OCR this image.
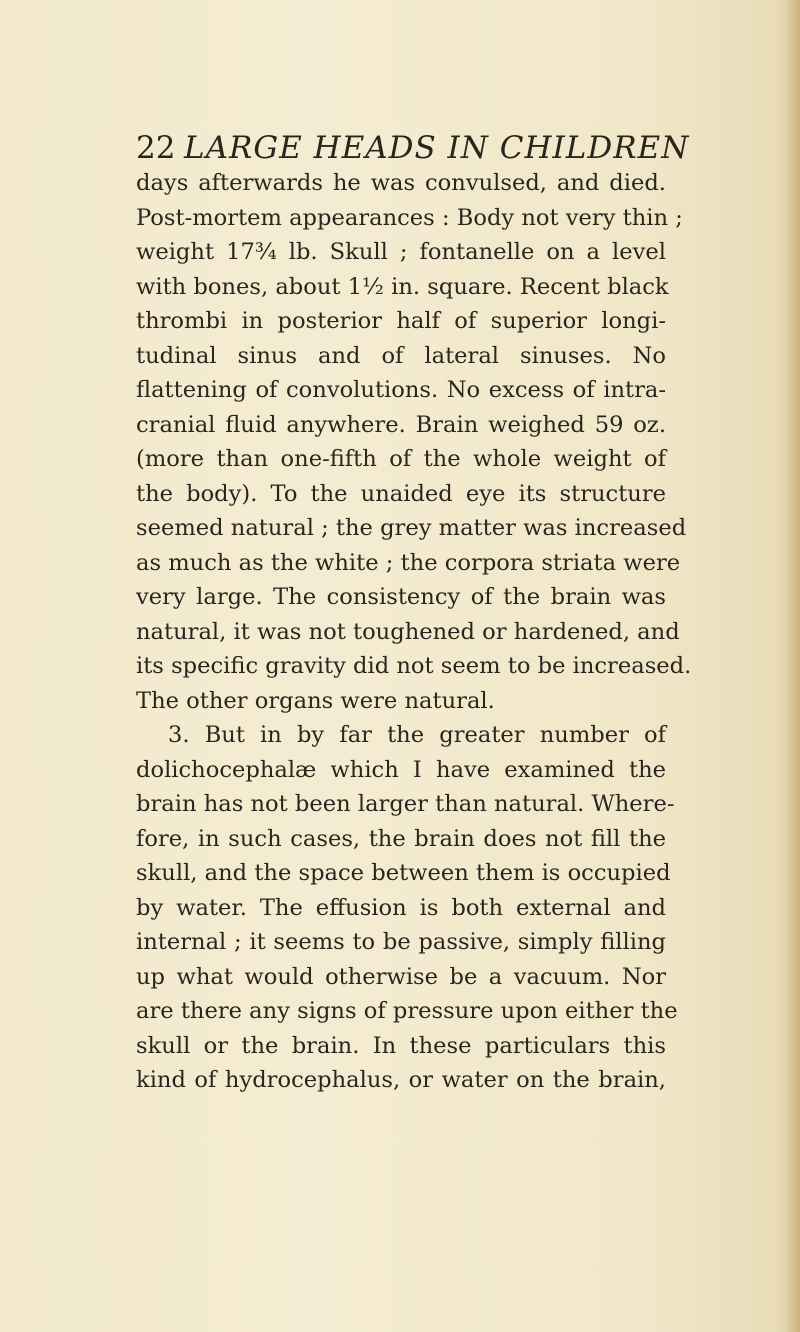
22 LARGE HEADS IN CHILDREN
days afterwards he was convulsed, and died.
Post-mortem appearances : Body not very thin ;
weight 17¾ lb. Skull ; fontanelle on a level
with bones, about 1½ in. square. Recent black
thrombi in posterior half of superior longi-
tudinal sinus and of lateral sinuses. No
flattening of convolutions. No excess of intra-
cranial fluid anywhere. Brain weighed 59 oz.
(more than one-fifth of the whole weight of
the body). To the unaided eye its structure
seemed natural ; the grey matter was increased
as much as the white ; the corpora striata were
very large. The consistency of the brain was
natural, it was not toughened or hardened, and
its specific gravity did not seem to be increased.
The other organs were natural.
3. But in by far the greater number of
dolichocephalæ which I have examined the
brain has not been larger than natural. Where-
fore, in such cases, the brain does not fill the
skull, and the space between them is occupied
by water. The effusion is both external and
internal ; it seems to be passive, simply filling
up what would otherwise be a vacuum. Nor
are there any signs of pressure upon either the
skull or the brain. In these particulars this
kind of hydrocephalus, or water on the brain,
